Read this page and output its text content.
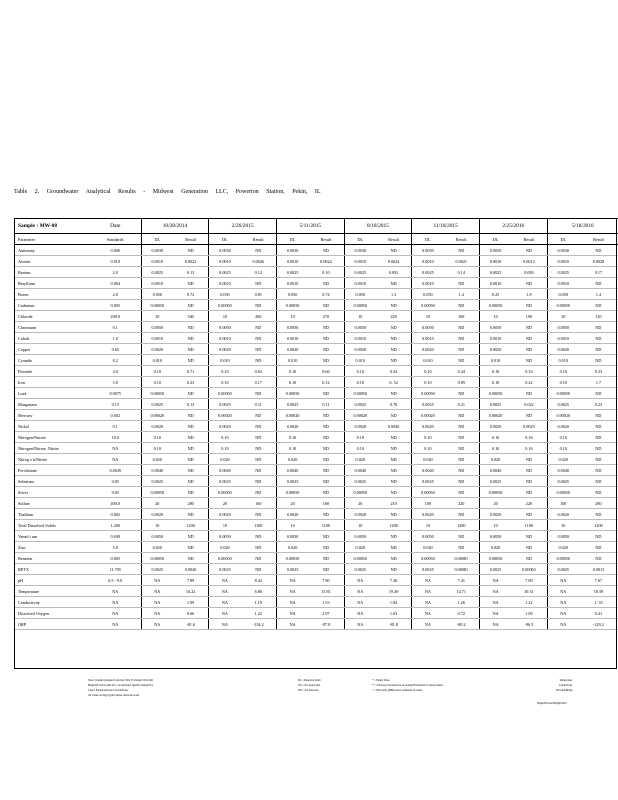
Table 2. Groundwater Analytical Results - Midwest Generation LLC, Powerton Station, Pekin, IL
Sample : MW-08	Date	10/28/2014		2/26/2015		5/11/2015		8/18/2015		11/18/2015		2/25/2016		5/18/2016	
Parameter	Standards	DL	Result	DL	Result	DL	Result	DL	Result	DL	Result	DL	Result	DL	Result
Antimony	0.006	0.0030	ND	0.0030	ND	0.0030	ND	0.0030	ND	0.0030	ND	0.0030	ND	0.0030	ND
Arsenic	0.010	0.0010	0.0022	0.0010	0.0026	0.0010	0.0024	0.0010	0.0024	0.0010	0.0021	0.0010	0.0012	0.0010	0.0028
Barium	2.0	0.0025	0.13	0.0025	0.12	0.0025	0.10	0.0025	0.092	0.0025	0.14	0.0025	0.083	0.0025	0.17
Beryllium	0.004	0.0010	ND	0.0010	ND	0.0010	ND	0.0010	ND	0.0010	ND	0.0010	ND	0.0010	ND
Boron	2.0	0.050	0.72	0.050	0.81	0.050	0.74	0.050	1.3	0.050	1.4	0.25	1.8	0.050	1.4
Cadmium	0.005	0.00050	ND	0.00050	ND	0.00050	ND	0.00050	ND	0.00050	ND	0.00050	ND	0.00050	ND
Chloride	200.0	10	340	10	260	10	270	10	220	10	160	10	190	10	120
Chromium	0.1	0.0050	ND	0.0050	ND	0.0050	ND	0.0050	ND	0.0050	ND	0.0050	ND	0.0050	ND
Cobalt	1.0	0.0010	ND	0.0010	ND	0.0010	ND	0.0010	ND	0.0010	ND	0.0010	ND	0.0010	ND
Copper	0.65	0.0020	ND	0.0020	ND	0.0020	ND	0.0020	ND	0.0020	ND	0.0020	ND	0.0020	ND
Cyanide	0.2	0.010	ND	0.010	ND	0.010	ND	0.010	ND	0.010	ND	0.010	ND	0.010	ND
Fluoride	4.0	0.10	0.71	0.10	0.63	0.10	0.66	0.10	0.34	0.10	0.44	0.10	0.33	0.10	0.33
Iron	5.0	0.10	0.23	0.10	0.17	0.10	0.12	0.10	0. 52	0.10	0.89	0.10	0.22	0.10	1.7
Lead	0.0075	0.00050	ND	0.00050	ND	0.00050	ND	0.00050	ND	0.00050	ND	0.00050	ND	0.00050	ND
Manganese	0.15	0.0025	0.13	0.0025	0.11	0.0025	0.11	0.0025	0.78	0.0025	0.21	0.0025	0.022	0.0025	0.23
Mercury	0.002	0.00020	ND	0.00020	ND	0.00020	ND	0.00020	ND	0.00020	ND	0.00020	ND	0.00020	ND
Nickel	0.1	0.0020	ND	0.0020	ND	0.0020	ND	0.0020	0.0040	0.0020	ND	0.0020	0.0025	0.0020	ND
Nitrogen/Nitrate	10.0	0.10	ND	0.10	ND	0.10	ND	0.10	ND	0.10	ND	0.10	0.16	0.10	ND
Nitrogen/Nitrate, Nitrite	NA	0.10	ND	0.10	ND	0.10	ND	0.10	ND	0.10	ND	0.10	0.16	0.10	ND
Nitrog e n/Nitrite	NA	0.020	ND	0.020	ND	0.020	ND	0.020	ND	0.020	ND	0.020	ND	0.020	ND
Perchlorate	0.0049	0.0040	ND	0.0040	ND	0.0040	ND	0.0040	ND	0.0040	ND	0.0040	ND	0.0040	ND
Selenium	0.05	0.0025	ND	0.0025	ND	0.0025	ND	0.0025	ND	0.0025	ND	0.0025	ND	0.0025	ND
Silver	0.05	0.00050	ND	0.00050	ND	0.00050	ND	0.00050	ND	0.00050	ND	0.00050	ND	0.00050	ND
Sulfate	400.0	20	280	20	160	20	160	20	210	100	220	20	220	100	280
Thallium	0.002	0.0020	ND	0.0020	ND	0.0020	ND	0.0020	ND	0.0020	ND	0.0020	ND	0.0020	ND
Total Dissolved Solids	1,200	10	1200	10	1100	10	1100	10	1200	10	1200	10	1100	10	1200
Vanad i um	0.049	0.0050	ND	0.0050	ND	0.0050	ND	0.0050	ND	0.0050	ND	0.0050	ND	0.0050	ND
Zinc	5.0	0.020	ND	0.020	ND	0.020	ND	0.020	ND	0.020	ND	0.020	ND	0.020	ND
Benzene	0.005	0.00050	ND	0.00050	ND	0.00050	ND	0.00050	ND	0.00050	0.00081	0.00050	ND	0.00050	ND
BETX	11.705	0.0025	0.0040	0.0025	ND	0.0025	ND	0.0025	ND	0.0025	0.00081	0.0025	0.00063	0.0025	0.0013
pH	6.5 - 9.0	NA	7.89	NA	8.42	NA	7.90	NA	7.36	NA	7.41	NA	7.00	NA	7.67
Temperature	NA	NA	16.22	NA	6.86	NA	15.81	NA	19.49	NA	14.71	NA	10.31	NA	18.39
Conductivity	NA	NA	1.99	NA	1.19	NA	1.53	NA	1.84	NA	1.26	NA	1.22	NA	1. 53
Dissolved Oxygen	NA	NA	0.66	NA	1.22	NA	2.97	NA	1.63	NA	0.72	NA	1.09	NA	0.41
ORP	NA	NA	-81.6	NA	-154.2	NA	-97.8	NA	-81.8	NA	-80.2	NA	-96.5	NA	-129.2
Note: Screenin (standard from IAC Title 35 Chapter I Part 620
Bright ID Section 620.410 - Groundwater Quality Standard for
Class I Potable Resource Groundwater
All values are mg/l (ppm) unless otherwise noted.
DL = Detection Limit
NA = Not Applicable
ND = Not Detected
* = Nickel Value
** = Elevated concentration exceeding/Bl standard for nitrate-nitrite
< = ND results (RBE)source estimated of results
Temperature
Conductivity
Elevated/Bright
Bright/Elevated/Bright/2016
